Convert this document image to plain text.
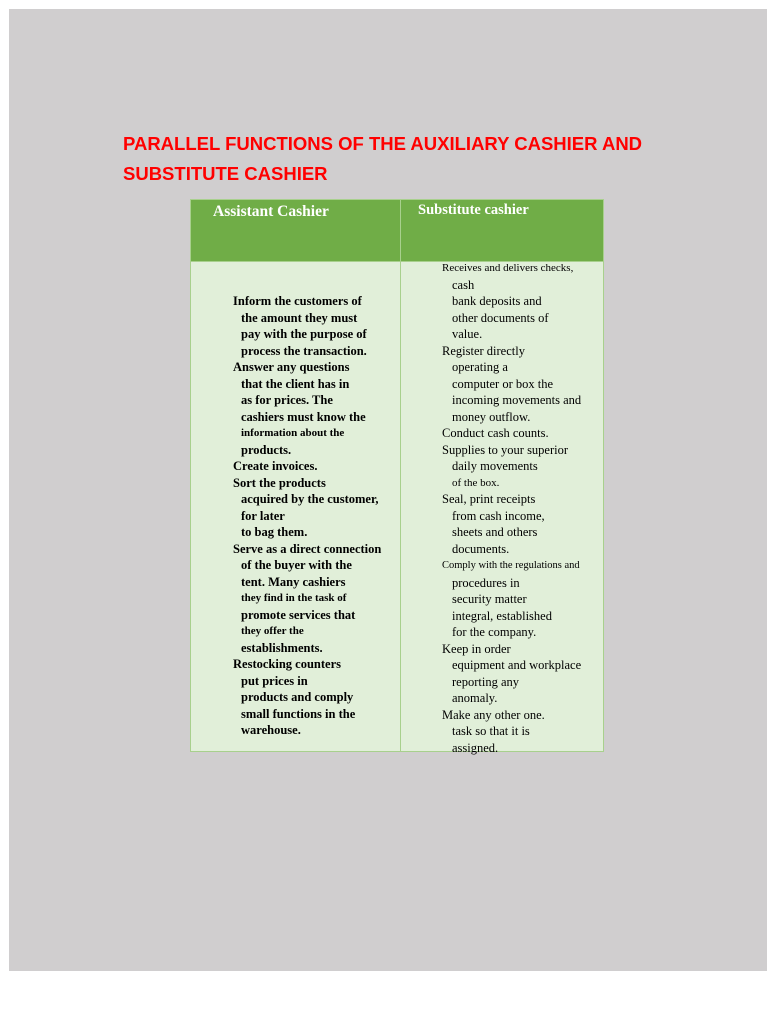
PARALLEL FUNCTIONS OF THE AUXILIARY CASHIER AND
SUBSTITUTE CASHIER
Assistant Cashier	Substitute cashier
Inform the customers of
the amount they must
pay with the purpose of
process the transaction.
Answer any questions
that the client has in
as for prices. The
cashiers must know the
information about the
products.
Create invoices.
Sort the products
acquired by the customer,
for later
to bag them.
Serve as a direct connection
of the buyer with the
tent. Many cashiers
they find in the task of
promote services that
they offer the
establishments.
Restocking counters
put prices in
products and comply
small functions in the
warehouse.
Receives and delivers checks,
cash
bank deposits and
other documents of
value.
Register directly
operating a
computer or box the
incoming movements and
money outflow.
Conduct cash counts.
Supplies to your superior
daily movements
of the box.
Seal, print receipts
from cash income,
sheets and others
documents.
Comply with the regulations and
procedures in
security matter
integral, established
for the company.
Keep in order
equipment and workplace
reporting any
anomaly.
Make any other one.
task so that it is
assigned.
